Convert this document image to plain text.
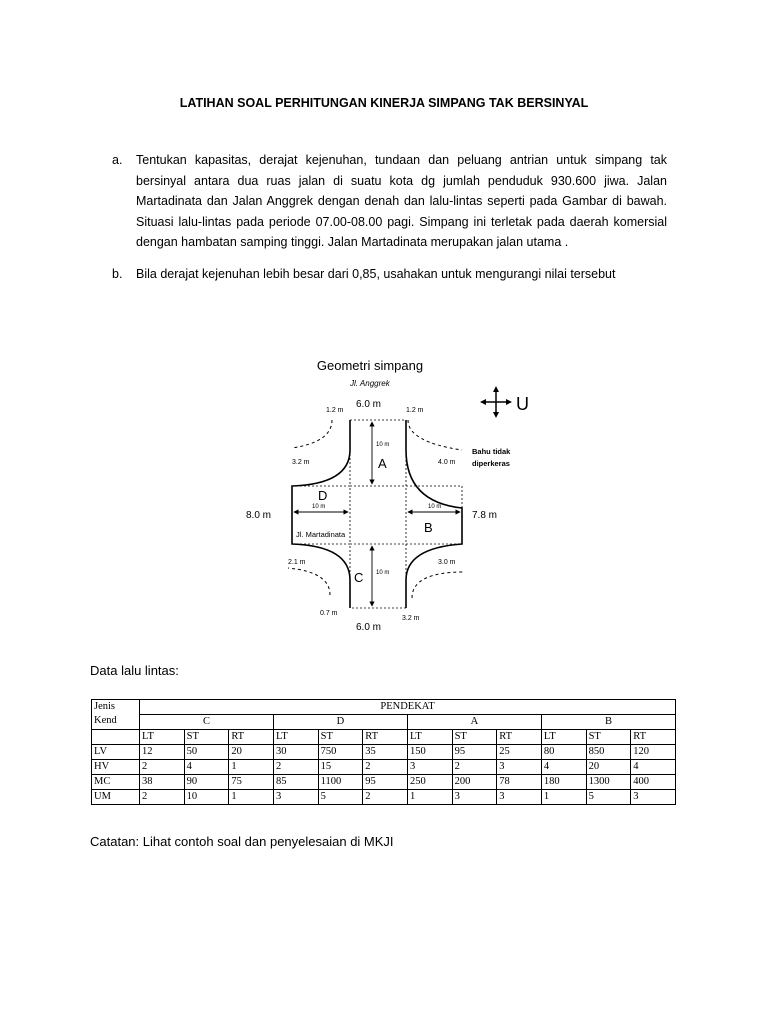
LATIHAN SOAL PERHITUNGAN KINERJA SIMPANG TAK BERSINYAL
a. Tentukan kapasitas, derajat kejenuhan, tundaan dan peluang antrian untuk simpang tak bersinyal antara dua ruas jalan di suatu kota dg jumlah penduduk 930.600 jiwa. Jalan Martadinata dan Jalan Anggrek dengan denah dan lalu-lintas seperti pada Gambar di bawah. Situasi lalu-lintas pada periode 07.00-08.00 pagi. Simpang ini terletak pada daerah komersial dengan hambatan samping tinggi. Jalan Martadinata merupakan jalan utama .
b. Bila derajat kejenuhan lebih besar dari 0,85, usahakan untuk mengurangi nilai tersebut
Geometri simpang
Jl. Anggrek
6.0 m
1.2 m	1.2 m	U
10 m
10 m
10 m	10 m
A
D
B
C
8.0 m	7.8 m
3.2 m	4.0 m
Bahu tidak
diperkeras
Jl. Martadinata
2.1 m	3.0 m
0.7 m
3.2 m
6.0 m
Data lalu lintas:
Jenis
Kend	PENDEKAT											
	C			D			A			B		
	LT	ST	RT	LT	ST	RT	LT	ST	RT	LT	ST	RT
LV	12	50	20	30	750	35	150	95	25	80	850	120
HV	2	4	1	2	15	2	3	2	3	4	20	4
MC	38	90	75	85	1100	95	250	200	78	180	1300	400
UM	2	10	1	3	5	2	1	3	3	1	5	3
Catatan: Lihat contoh soal dan penyelesaian di MKJI
